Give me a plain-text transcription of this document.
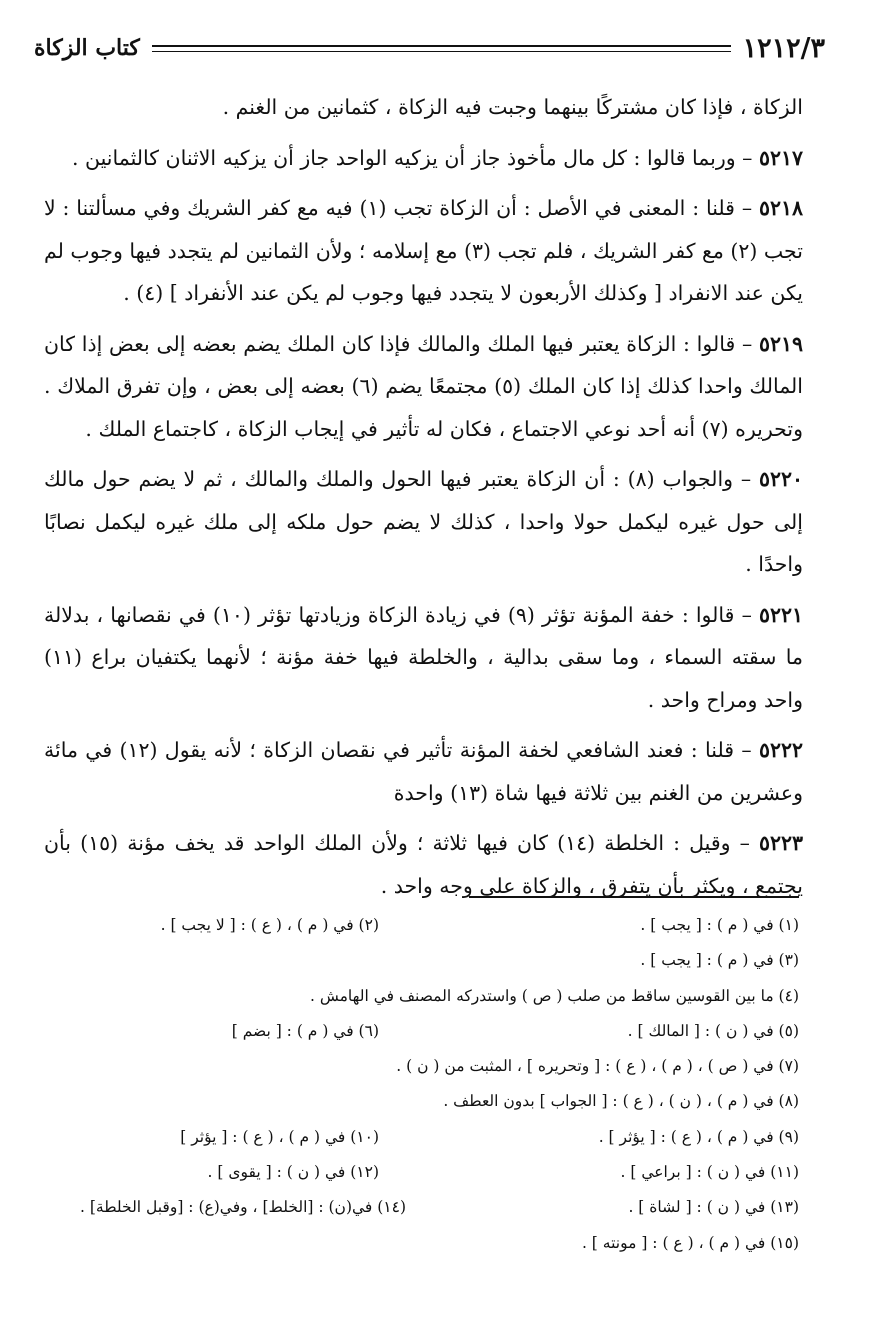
١٢١٢/٣
كتاب الزكاة

الزكاة ، فإذا كان مشتركًا بينهما وجبت فيه الزكاة ، كثمانين من الغنم .

٥٢١٧ – وربما قالوا : كل مال مأخوذ جاز أن يزكيه الواحد جاز أن يزكيه الاثنان كالثمانين .

٥٢١٨ – قلنا : المعنى في الأصل : أن الزكاة تجب (١) فيه مع كفر الشريك وفي مسألتنا : لا تجب (٢) مع كفر الشريك ، فلم تجب (٣) مع إسلامه ؛ ولأن الثمانين لم يتجدد فيها وجوب لم يكن عند الانفراد [ وكذلك الأربعون لا يتجدد فيها وجوب لم يكن عند الأنفراد ] (٤) .

٥٢١٩ – قالوا : الزكاة يعتبر فيها الملك والمالك فإذا كان الملك يضم بعضه إلى بعض إذا كان المالك واحدا كذلك إذا كان الملك (٥) مجتمعًا يضم (٦) بعضه إلى بعض ، وإن تفرق الملاك . وتحريره (٧) أنه أحد نوعي الاجتماع ، فكان له تأثير في إيجاب الزكاة ، كاجتماع الملك .

٥٢٢٠ – والجواب (٨) : أن الزكاة يعتبر فيها الحول والملك والمالك ، ثم لا يضم حول مالك إلى حول غيره ليكمل حولا واحدا ، كذلك لا يضم حول ملكه إلى ملك غيره ليكمل نصابًا واحدًا .

٥٢٢١ – قالوا : خفة المؤنة تؤثر (٩) في زيادة الزكاة وزيادتها تؤثر (١٠) في نقصانها ، بدلالة ما سقته السماء ، وما سقى بدالية ، والخلطة فيها خفة مؤنة ؛ لأنهما يكتفيان براع (١١) واحد ومراح واحد .

٥٢٢٢ – قلنا : فعند الشافعي لخفة المؤنة تأثير في نقصان الزكاة ؛ لأنه يقول (١٢) في مائة وعشرين من الغنم بين ثلاثة فيها شاة (١٣) واحدة

٥٢٢٣ – وقيل : الخلطة (١٤) كان فيها ثلاثة ؛ ولأن الملك الواحد قد يخف مؤنة (١٥) بأن يجتمع ، ويكثر بأن يتفرق ، والزكاة على وجه واحد .

(١) في ( م ) : [ يجب ] .
(٢) في ( م ) ، ( ع ) : [ لا يجب ] .
(٣) في ( م ) : [ يجب ] .
(٤) ما بين القوسين ساقط من صلب ( ص ) واستدركه المصنف في الهامش .
(٥) في ( ن ) : [ المالك ] .
(٦) في ( م ) : [ بضم ]
(٧) في ( ص ) ، ( م ) ، ( ع ) : [ وتحريره ] ، المثبت من ( ن ) .
(٨) في ( م ) ، ( ن ) ، ( ع ) : [ الجواب ] بدون العطف .
(٩) في ( م ) ، ( ع ) : [ يؤثر ] .
(١٠) في ( م ) ، ( ع ) : [ يؤثر ]
(١١) في ( ن ) : [ براعي ] .
(١٢) في ( ن ) : [ يقوى ] .
(١٣) في ( ن ) : [ لشاة ] .
(١٤) في(ن) : [الخلط] ، وفي(ع) : [وقبل الخلطة] .
(١٥) في ( م ) ، ( ع ) : [ مونته ] .
